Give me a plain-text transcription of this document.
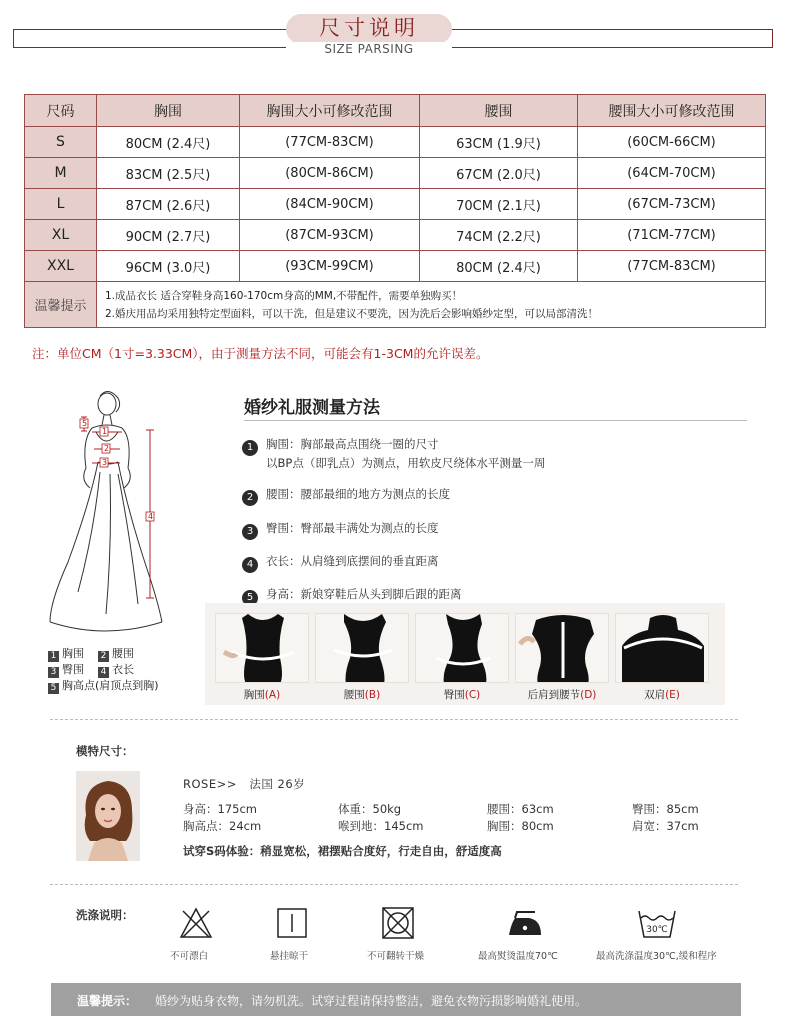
尺寸说明
SIZE PARSING
尺码	胸围	胸围大小可修改范围	腰围	腰围大小可修改范围
S	80CM (2.4尺)	(77CM-83CM)	63CM (1.9尺)	(60CM-66CM)
M	83CM (2.5尺)	(80CM-86CM)	67CM (2.0尺)	(64CM-70CM)
L	87CM (2.6尺)	(84CM-90CM)	70CM (2.1尺)	(67CM-73CM)
XL	90CM (2.7尺)	(87CM-93CM)	74CM (2.2尺)	(71CM-77CM)
XXL	96CM (3.0尺)	(93CM-99CM)	80CM (2.4尺)	(77CM-83CM)
温馨提示	1.成品衣长 适合穿鞋身高160-170cm身高的MM,不带配件，需要单独购买！
2.婚庆用品均采用独特定型面料，可以干洗，但是建议不要洗，因为洗后会影响婚纱定型，可以局部清洗！			
注：单位CM（1寸=3.33CM），由于测量方法不同，可能会有1-3CM的允许误差。
1
2
3
4
5
1 胸围 2 腰围
3 臀围 4 衣长
5 胸高点(肩顶点到胸)
婚纱礼服测量方法
1 胸围：胸部最高点围绕一圈的尺寸
以BP点（即乳点）为测点，用软皮尺绕体水平测量一周
2 腰围：腰部最细的地方为测点的长度
3 臀围：臀部最丰满处为测点的长度
4 衣长：从肩缝到底摆间的垂直距离
5 身高：新娘穿鞋后从头到脚后跟的距离
胸围(A)	腰围(B)	臀围(C)	后肩到腰节(D)	双肩(E)
模特尺寸：
ROSE>> 法国 26岁
身高：175cm	体重：50kg	腰围：63cm	臀围：85cm
胸高点：24cm	喉到地：145cm	胸围：80cm	肩宽：37cm
试穿S码体验：稍显宽松，裙摆贴合度好，行走自由，舒适度高
洗涤说明：
30℃
不可漂白	悬挂晾干	不可翻转干燥	最高熨烫温度70℃	最高洗涤温度30℃,缓和程序
温馨提示： 婚纱为贴身衣物，请勿机洗。试穿过程请保持整洁，避免衣物污损影响婚礼使用。
